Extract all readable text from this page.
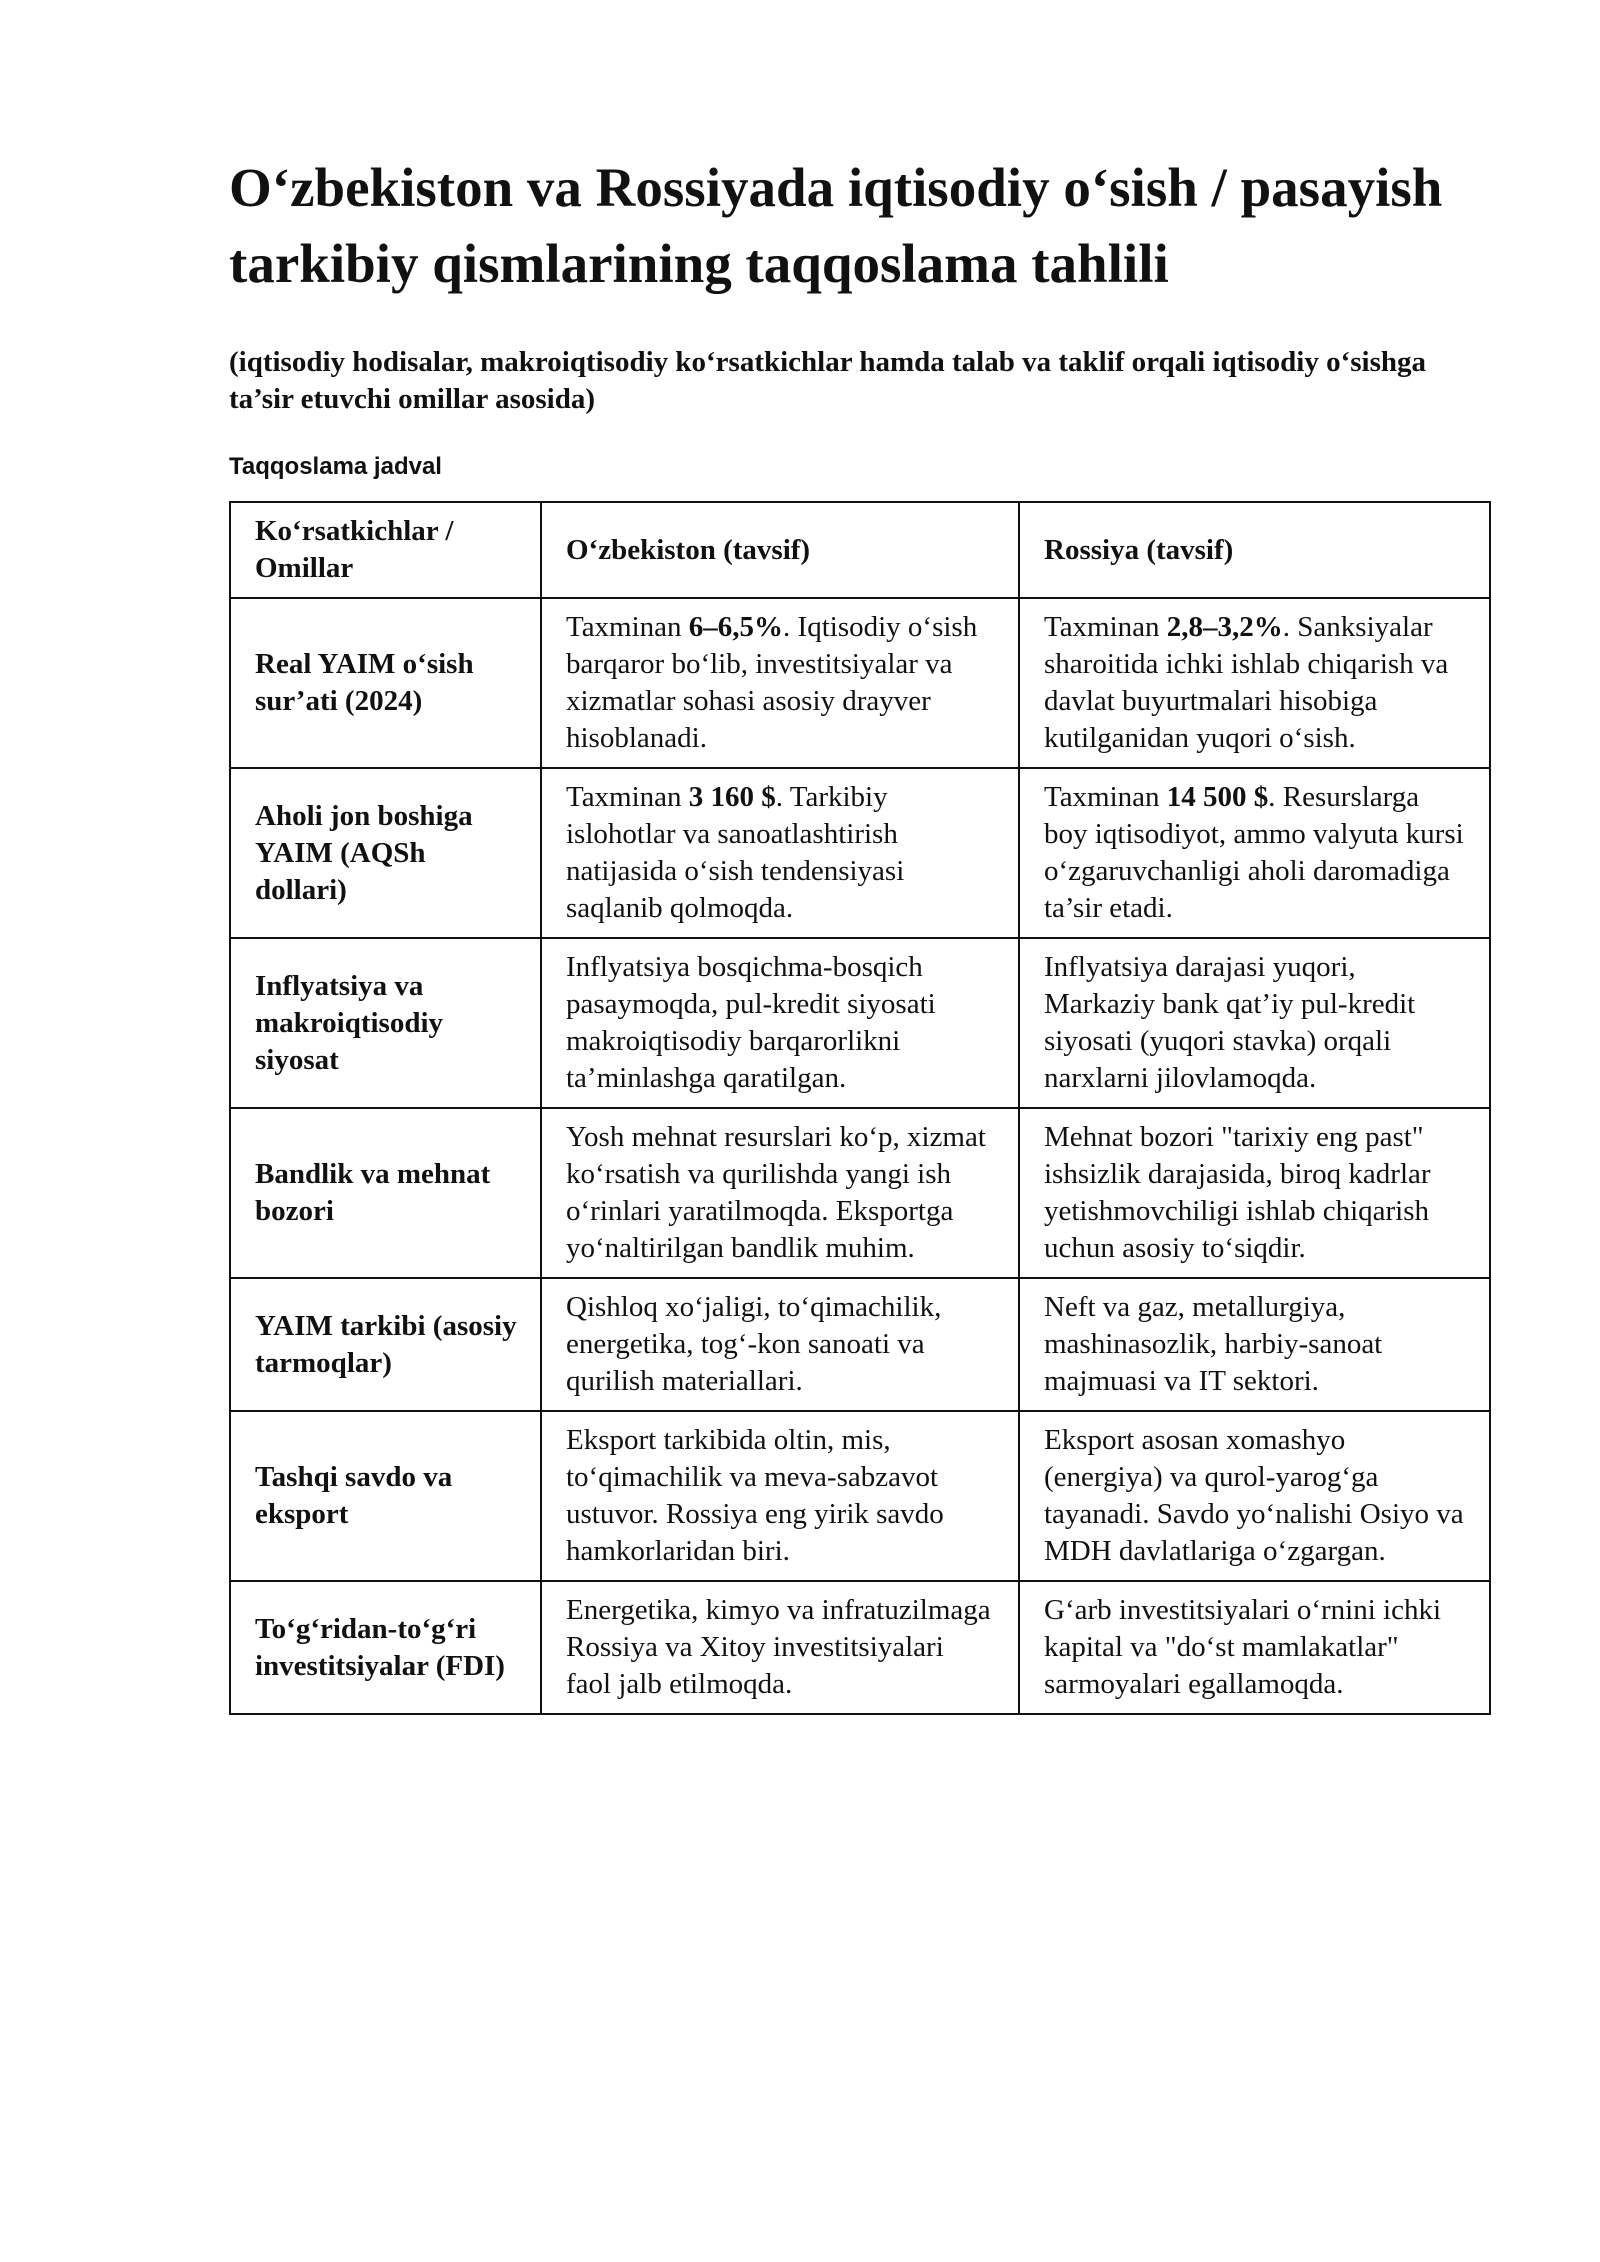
O‘zbekiston va Rossiyada iqtisodiy o‘sish / pasayish tarkibiy qismlarining taqqoslama tahlili

(iqtisodiy hodisalar, makroiqtisodiy ko‘rsatkichlar hamda talab va taklif orqali iqtisodiy o‘sishga ta’sir etuvchi omillar asosida)

Taqqoslama jadval

Ko‘rsatkichlar / Omillar	O‘zbekiston (tavsif)	Rossiya (tavsif)
Real YAIM o‘sish sur’ati (2024)	Taxminan 6–6,5%. Iqtisodiy o‘sish barqaror bo‘lib, investitsiyalar va xizmatlar sohasi asosiy drayver hisoblanadi.	Taxminan 2,8–3,2%. Sanksiyalar sharoitida ichki ishlab chiqarish va davlat buyurtmalari hisobiga kutilganidan yuqori o‘sish.
Aholi jon boshiga YAIM (AQSh dollari)	Taxminan 3 160 $. Tarkibiy islohotlar va sanoatlashtirish natijasida o‘sish tendensiyasi saqlanib qolmoqda.	Taxminan 14 500 $. Resurslarga boy iqtisodiyot, ammo valyuta kursi o‘zgaruvchanligi aholi daromadiga ta’sir etadi.
Inflyatsiya va makroiqtisodiy siyosat	Inflyatsiya bosqichma-bosqich pasaymoqda, pul-kredit siyosati makroiqtisodiy barqarorlikni ta’minlashga qaratilgan.	Inflyatsiya darajasi yuqori, Markaziy bank qat’iy pul-kredit siyosati (yuqori stavka) orqali narxlarni jilovlamoqda.
Bandlik va mehnat bozori	Yosh mehnat resurslari ko‘p, xizmat ko‘rsatish va qurilishda yangi ish o‘rinlari yaratilmoqda. Eksportga yo‘naltirilgan bandlik muhim.	Mehnat bozori "tarixiy eng past" ishsizlik darajasida, biroq kadrlar yetishmovchiligi ishlab chiqarish uchun asosiy to‘siqdir.
YAIM tarkibi (asosiy tarmoqlar)	Qishloq xo‘jaligi, to‘qimachilik, energetika, tog‘-kon sanoati va qurilish materiallari.	Neft va gaz, metallurgiya, mashinasozlik, harbiy-sanoat majmuasi va IT sektori.
Tashqi savdo va eksport	Eksport tarkibida oltin, mis, to‘qimachilik va meva-sabzavot ustuvor. Rossiya eng yirik savdo hamkorlaridan biri.	Eksport asosan xomashyo (energiya) va qurol-yarog‘ga tayanadi. Savdo yo‘nalishi Osiyo va MDH davlatlariga o‘zgargan.
To‘g‘ridan-to‘g‘ri investitsiyalar (FDI)	Energetika, kimyo va infratuzilmaga Rossiya va Xitoy investitsiyalari faol jalb etilmoqda.	G‘arb investitsiyalari o‘rnini ichki kapital va "do‘st mamlakatlar" sarmoyalari egallamoqda.
